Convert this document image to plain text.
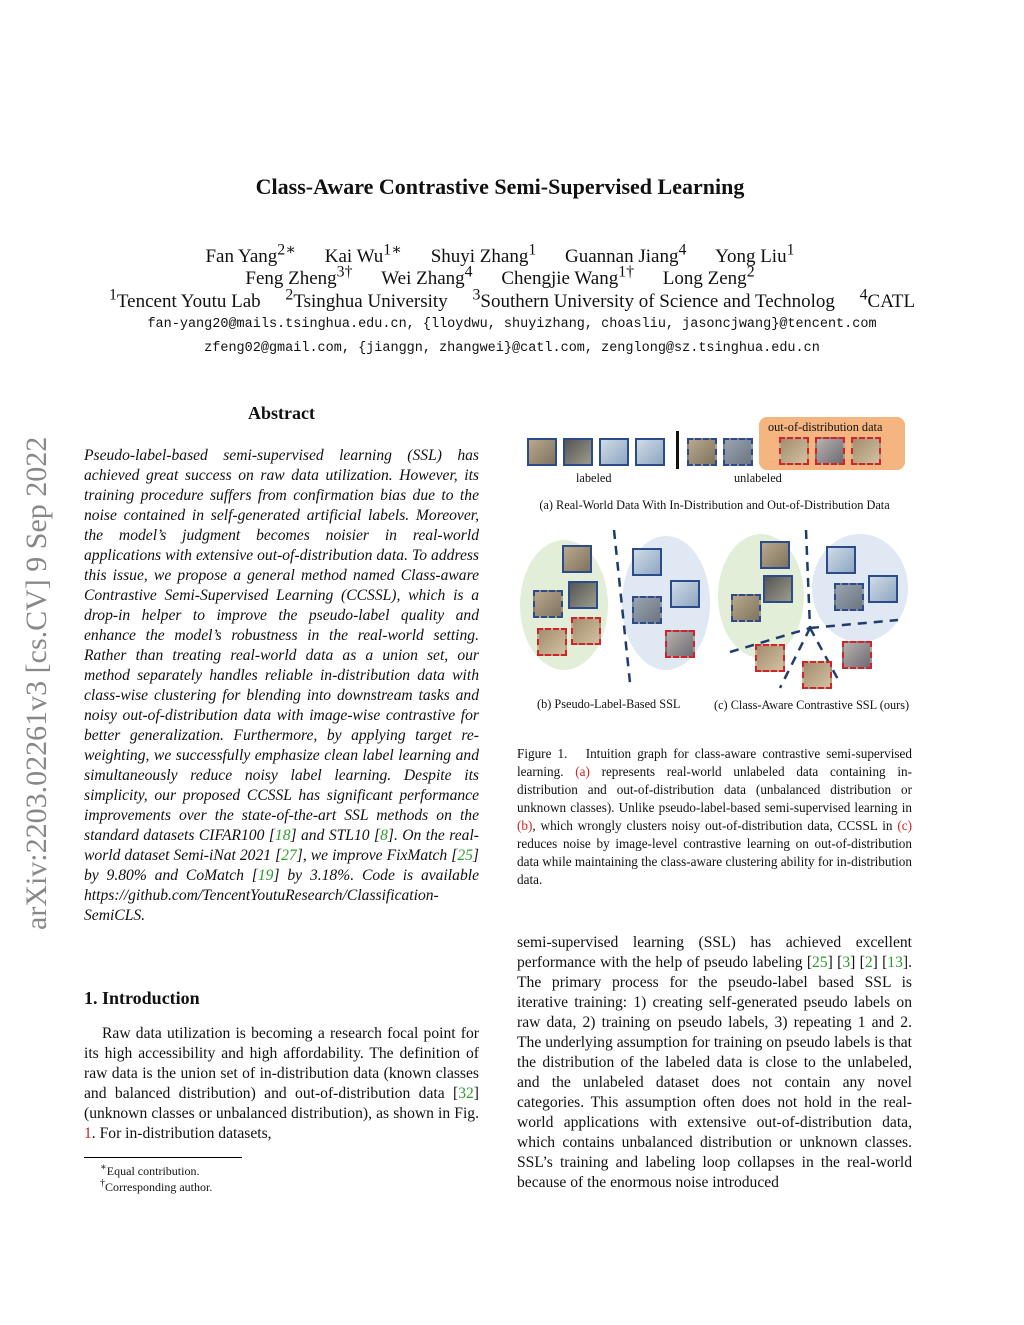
Class-Aware Contrastive Semi-Supervised Learning
Fan Yang$^{2∗}$ Kai $Wu^{1∗}$ Shuyi Zhang$^1$ Guannan Jiang$^4$ Yong Liu$^1$
Feng Zheng$^{3\dagger}$ Wei Zhang$^4$ Chengjie Wang$^{1\dagger}$ Long Zeng$^2$
$^1$Tencent Youtu Lab $^2$Tsinghua University $^3$Southern University of Science and Technolog $^4$CATL
fan-yang20@mails.tsinghua.edu.cn, {lloydwu, shuyizhang, choasliu, jasoncjwang}@tencent.com
zfeng02@gmail.com, {jianggn, zhangwei}@catl.com, zenglong@sz.tsinghua.edu.cn
arXiv:2203.02261v3 [cs.CV] 9 Sep 2022
Abstract

Pseudo-label-based semi-supervised learning (SSL) has achieved great success on raw data utilization. However, its training procedure suffers from confirmation bias due to the noise contained in self-generated artificial labels. Moreover, the model’s judgment becomes noisier in real-world applications with extensive out-of-distribution data. To address this issue, we propose a general method named Class-aware Contrastive Semi-Supervised Learning (CCSSL), which is a drop-in helper to improve the pseudo-label quality and enhance the model’s robustness in the real-world setting. Rather than treating real-world data as a union set, our method separately handles reliable in-distribution data with class-wise clustering for blending into downstream tasks and noisy out-of-distribution data with image-wise contrastive for better generalization. Furthermore, by applying target re-weighting, we successfully emphasize clean label learning and simultaneously reduce noisy label learning. Despite its simplicity, our proposed CCSSL has significant performance improvements over the state-of-the-art SSL methods on the standard datasets CIFAR100 [18] and STL10 [8]. On the real-world dataset Semi-iNat 2021 [27], we improve FixMatch [25] by 9.80% and CoMatch [19] by 3.18%. Code is available https://github.com/TencentYoutuResearch/Classification-SemiCLS.

1. Introduction

Raw data utilization is becoming a research focal point for its high accessibility and high affordability. The definition of raw data is the union set of in-distribution data (known classes and balanced distribution) and out-of-distribution data [32] (unknown classes or unbalanced distribution), as shown in Fig. 1. For in-distribution datasets,

∗Equal contribution.
†Corresponding author.
out-of-distribution data
labeled	unlabeled
(a) Real-World Data With In-Distribution and Out-of-Distribution Data
(b) Pseudo-Label-Based SSL	(c) Class-Aware Contrastive SSL (ours)

Figure 1. Intuition graph for class-aware contrastive semi-supervised learning. (a) represents real-world unlabeled data containing in-distribution and out-of-distribution data (unbalanced distribution or unknown classes). Unlike pseudo-label-based semi-supervised learning in (b), which wrongly clusters noisy out-of-distribution data, CCSSL in (c) reduces noise by image-level contrastive learning on out-of-distribution data while maintaining the class-aware clustering ability for in-distribution data.

semi-supervised learning (SSL) has achieved excellent performance with the help of pseudo labeling [25] [3] [2] [13]. The primary process for the pseudo-label based SSL is iterative training: 1) creating self-generated pseudo labels on raw data, 2) training on pseudo labels, 3) repeating 1 and 2. The underlying assumption for training on pseudo labels is that the distribution of the labeled data is close to the unlabeled, and the unlabeled dataset does not contain any novel categories. This assumption often does not hold in the real-world applications with extensive out-of-distribution data, which contains unbalanced distribution or unknown classes. SSL’s training and labeling loop collapses in the real-world because of the enormous noise introduced
